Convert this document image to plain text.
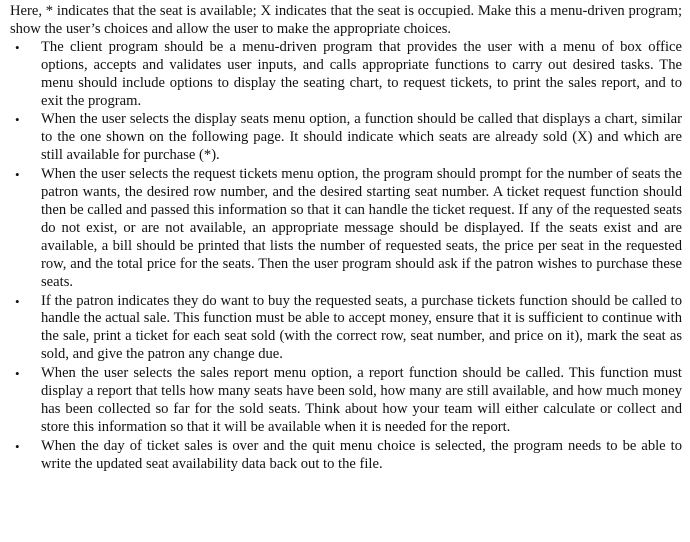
Here, * indicates that the seat is available; X indicates that the seat is occupied. Make this a menu-driven program; show the user’s choices and allow the user to make the appropriate choices.

• The client program should be a menu-driven program that provides the user with a menu of box office options, accepts and validates user inputs, and calls appropriate functions to carry out desired tasks. The menu should include options to display the seating chart, to request tickets, to print the sales report, and to exit the program.
• When the user selects the display seats menu option, a function should be called that displays a chart, similar to the one shown on the following page. It should indicate which seats are already sold (X) and which are still available for purchase (*).
• When the user selects the request tickets menu option, the program should prompt for the number of seats the patron wants, the desired row number, and the desired starting seat number. A ticket request function should then be called and passed this information so that it can handle the ticket request. If any of the requested seats do not exist, or are not available, an appropriate message should be displayed. If the seats exist and are available, a bill should be printed that lists the number of requested seats, the price per seat in the requested row, and the total price for the seats. Then the user program should ask if the patron wishes to purchase these seats.
• If the patron indicates they do want to buy the requested seats, a purchase tickets function should be called to handle the actual sale. This function must be able to accept money, ensure that it is sufficient to continue with the sale, print a ticket for each seat sold (with the correct row, seat number, and price on it), mark the seat as sold, and give the patron any change due.
• When the user selects the sales report menu option, a report function should be called. This function must display a report that tells how many seats have been sold, how many are still available, and how much money has been collected so far for the sold seats. Think about how your team will either calculate or collect and store this information so that it will be available when it is needed for the report.
• When the day of ticket sales is over and the quit menu choice is selected, the program needs to be able to write the updated seat availability data back out to the file.
